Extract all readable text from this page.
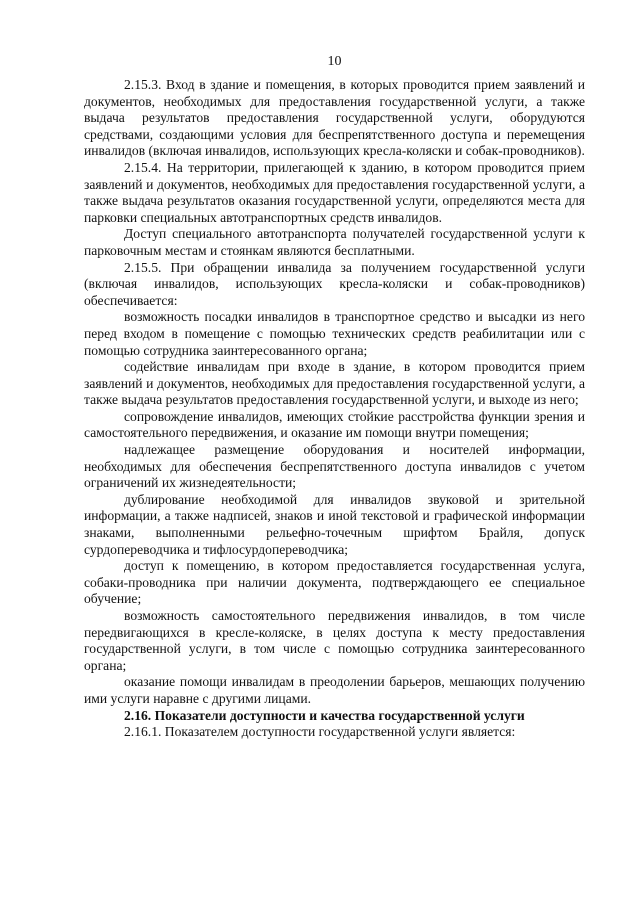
10

2.15.3. Вход в здание и помещения, в которых проводится прием заявлений и документов, необходимых для предоставления государственной услуги, а также выдача результатов предоставления государственной услуги, оборудуются средствами, создающими условия для беспрепятственного доступа и перемещения инвалидов (включая инвалидов, использующих кресла-коляски и собак-проводников).

2.15.4. На территории, прилегающей к зданию, в котором проводится прием заявлений и документов, необходимых для предоставления государственной услуги, а также выдача результатов оказания государственной услуги, определяются места для парковки специальных автотранспортных средств инвалидов.

Доступ специального автотранспорта получателей государственной услуги к парковочным местам и стоянкам являются бесплатными.

2.15.5. При обращении инвалида за получением государственной услуги (включая инвалидов, использующих кресла-коляски и собак-проводников) обеспечивается:

возможность посадки инвалидов в транспортное средство и высадки из него перед входом в помещение с помощью технических средств реабилитации или с помощью сотрудника заинтересованного органа;

содействие инвалидам при входе в здание, в котором проводится прием заявлений и документов, необходимых для предоставления государственной услуги, а также выдача результатов предоставления государственной услуги, и выходе из него;

сопровождение инвалидов, имеющих стойкие расстройства функции зрения и самостоятельного передвижения, и оказание им помощи внутри помещения;

надлежащее размещение оборудования и носителей информации, необходимых для обеспечения беспрепятственного доступа инвалидов с учетом ограничений их жизнедеятельности;

дублирование необходимой для инвалидов звуковой и зрительной информации, а также надписей, знаков и иной текстовой и графической информации знаками, выполненными рельефно-точечным шрифтом Брайля, допуск сурдопереводчика и тифлосурдопереводчика;

доступ к помещению, в котором предоставляется государственная услуга, собаки-проводника при наличии документа, подтверждающего ее специальное обучение;

возможность самостоятельного передвижения инвалидов, в том числе передвигающихся в кресле-коляске, в целях доступа к месту предоставления государственной услуги, в том числе с помощью сотрудника заинтересованного органа;

оказание помощи инвалидам в преодолении барьеров, мешающих получению ими услуги наравне с другими лицами.

2.16. Показатели доступности и качества государственной услуги

2.16.1. Показателем доступности государственной услуги является:
